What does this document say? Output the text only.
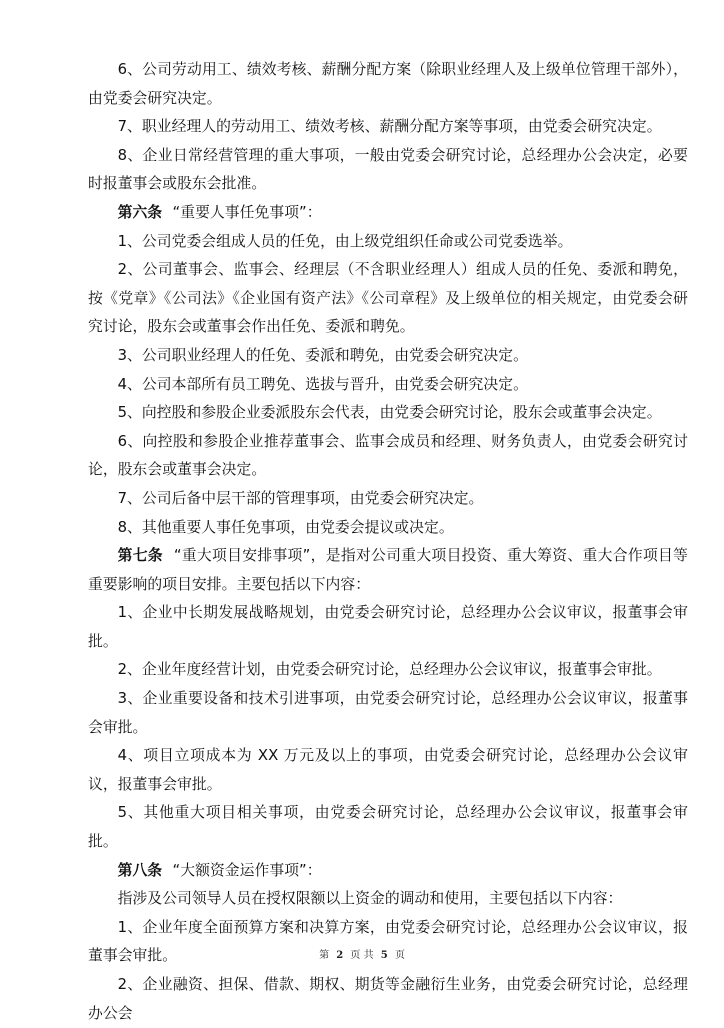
6、公司劳动用工、绩效考核、薪酬分配方案（除职业经理人及上级单位管理干部外），由党委会研究决定。

7、职业经理人的劳动用工、绩效考核、薪酬分配方案等事项，由党委会研究决定。

8、企业日常经营管理的重大事项，一般由党委会研究讨论，总经理办公会决定，必要时报董事会或股东会批准。

第六条 “重要人事任免事项”：

1、公司党委会组成人员的任免，由上级党组织任命或公司党委选举。

2、公司董事会、监事会、经理层（不含职业经理人）组成人员的任免、委派和聘免，按《党章》《公司法》《企业国有资产法》《公司章程》及上级单位的相关规定，由党委会研究讨论，股东会或董事会作出任免、委派和聘免。

3、公司职业经理人的任免、委派和聘免，由党委会研究决定。

4、公司本部所有员工聘免、选拔与晋升，由党委会研究决定。

5、向控股和参股企业委派股东会代表，由党委会研究讨论，股东会或董事会决定。

6、向控股和参股企业推荐董事会、监事会成员和经理、财务负责人，由党委会研究讨论，股东会或董事会决定。

7、公司后备中层干部的管理事项，由党委会研究决定。

8、其他重要人事任免事项，由党委会提议或决定。

第七条 “重大项目安排事项”，是指对公司重大项目投资、重大筹资、重大合作项目等重要影响的项目安排。主要包括以下内容：

1、企业中长期发展战略规划，由党委会研究讨论，总经理办公会议审议，报董事会审批。

2、企业年度经营计划，由党委会研究讨论，总经理办公会议审议，报董事会审批。

3、企业重要设备和技术引进事项，由党委会研究讨论，总经理办公会议审议，报董事会审批。

4、项目立项成本为 XX 万元及以上的事项，由党委会研究讨论，总经理办公会议审议，报董事会审批。

5、其他重大项目相关事项，由党委会研究讨论，总经理办公会议审议，报董事会审批。

第八条 “大额资金运作事项”：

指涉及公司领导人员在授权限额以上资金的调动和使用，主要包括以下内容：

1、企业年度全面预算方案和决算方案，由党委会研究讨论，总经理办公会议审议，报董事会审批。

2、企业融资、担保、借款、期权、期货等金融衍生业务，由党委会研究讨论，总经理办公会

第 2 页 共 5 页
